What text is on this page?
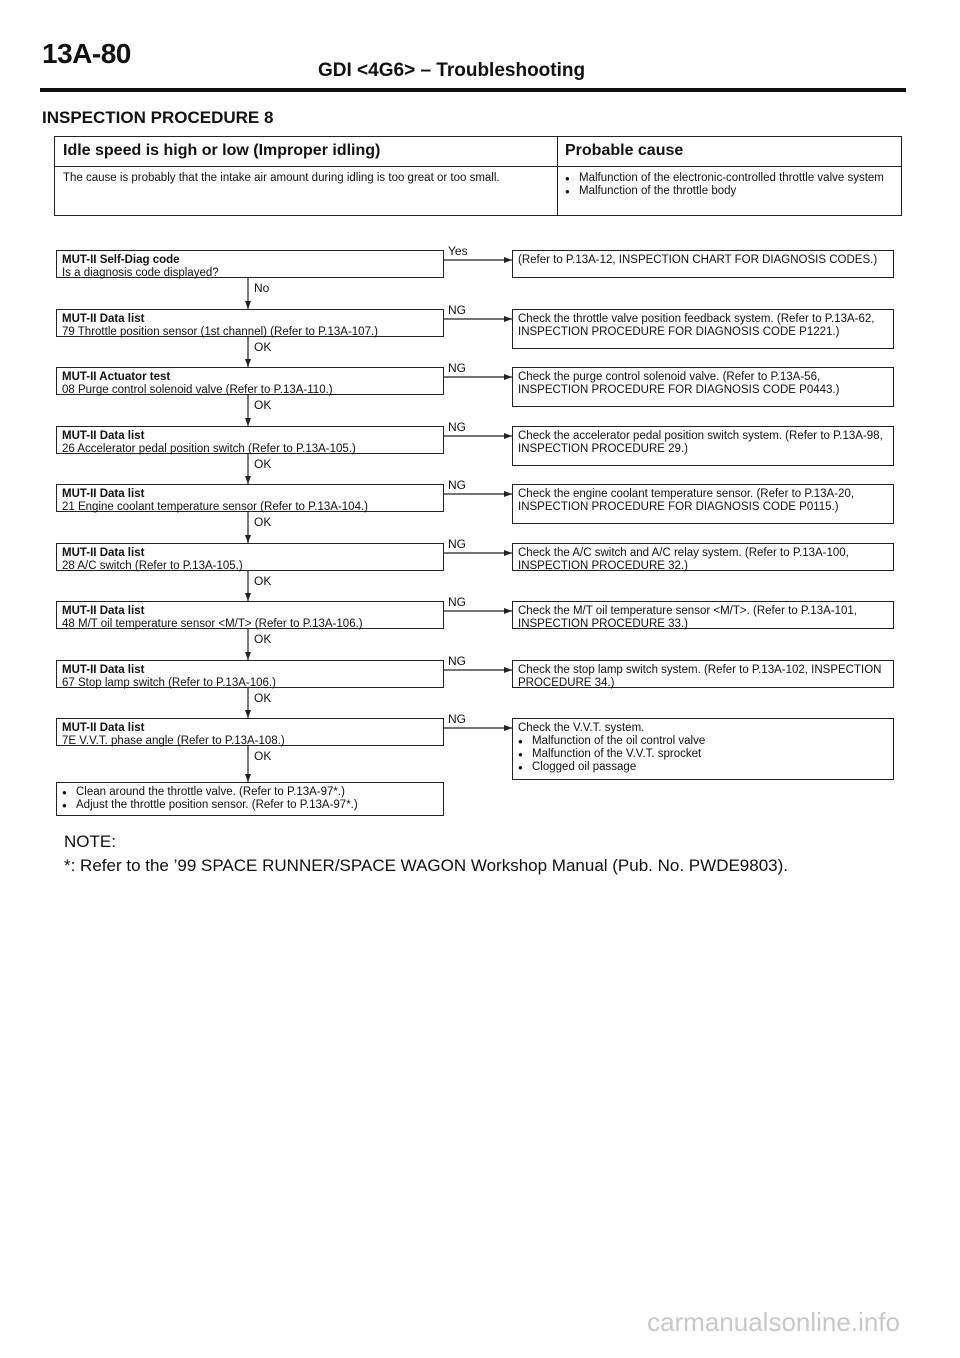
13A-80
GDI <4G6> – Troubleshooting
INSPECTION PROCEDURE 8
Idle speed is high or low (Improper idling)
The cause is probably that the intake air amount during idling is too great or too small.
Probable cause
● Malfunction of the electronic-controlled throttle valve system
● Malfunction of the throttle body
MUT-II Self-Diag code
Is a diagnosis code displayed?
(Refer to P.13A-12, INSPECTION CHART FOR DIAGNOSIS CODES.)
Yes
No
MUT-II Data list
79 Throttle position sensor (1st channel) (Refer to P.13A-107.)
Check the throttle valve position feedback system. (Refer to P.13A-62, INSPECTION PROCEDURE FOR DIAGNOSIS CODE P1221.)
NG
OK
MUT-II Actuator test
08 Purge control solenoid valve (Refer to P.13A-110.)
Check the purge control solenoid valve. (Refer to P.13A-56, INSPECTION PROCEDURE FOR DIAGNOSIS CODE P0443.)
NG
OK
MUT-II Data list
26 Accelerator pedal position switch (Refer to P.13A-105.)
Check the accelerator pedal position switch system. (Refer to P.13A-98, INSPECTION PROCEDURE 29.)
NG
OK
MUT-II Data list
21 Engine coolant temperature sensor (Refer to P.13A-104.)
Check the engine coolant temperature sensor. (Refer to P.13A-20, INSPECTION PROCEDURE FOR DIAGNOSIS CODE P0115.)
NG
OK
MUT-II Data list
28 A/C switch (Refer to P.13A-105.)
Check the A/C switch and A/C relay system. (Refer to P.13A-100, INSPECTION PROCEDURE 32.)
NG
OK
MUT-II Data list
48 M/T oil temperature sensor <M/T> (Refer to P.13A-106.)
Check the M/T oil temperature sensor <M/T>. (Refer to P.13A-101, INSPECTION PROCEDURE 33.)
NG
OK
MUT-II Data list
67 Stop lamp switch (Refer to P.13A-106.)
Check the stop lamp switch system. (Refer to P.13A-102, INSPECTION PROCEDURE 34.)
NG
OK
MUT-II Data list
7E V.V.T. phase angle (Refer to P.13A-108.)
Check the V.V.T. system.
● Malfunction of the oil control valve
● Malfunction of the V.V.T. sprocket
● Clogged oil passage
NG
OK
● Clean around the throttle valve. (Refer to P.13A-97*.)
● Adjust the throttle position sensor. (Refer to P.13A-97*.)
NOTE:
*: Refer to the ’99 SPACE RUNNER/SPACE WAGON Workshop Manual (Pub. No. PWDE9803).
carmanualsonline.info
